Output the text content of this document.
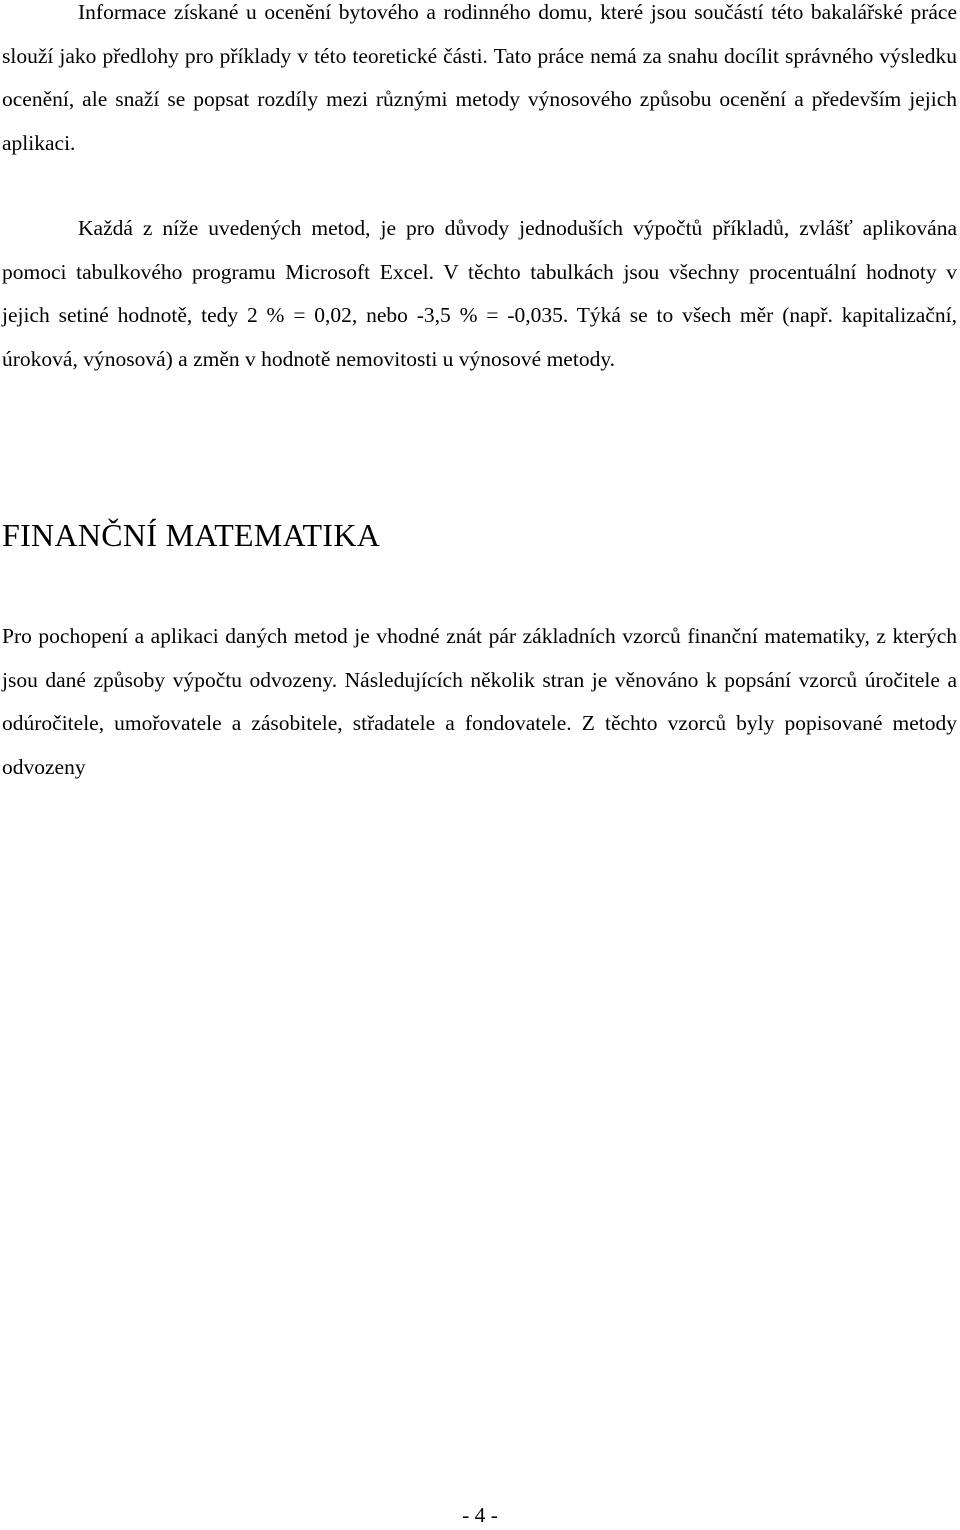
Informace získané u ocenění bytového a rodinného domu, které jsou součástí této bakalářské práce slouží jako předlohy pro příklady v této teoretické části. Tato práce nemá za snahu docílit správného výsledku ocenění, ale snaží se popsat rozdíly mezi různými metody výnosového způsobu ocenění a především jejich aplikaci.

Každá z níže uvedených metod, je pro důvody jednoduších výpočtů příkladů, zvlášť aplikována pomoci tabulkového programu Microsoft Excel. V těchto tabulkách jsou všechny procentuální hodnoty v jejich setiné hodnotě, tedy 2 % = 0,02, nebo -3,5 % = -0,035. Týká se to všech měr (např. kapitalizační, úroková, výnosová) a změn v hodnotě nemovitosti u výnosové metody.

FINANČNÍ MATEMATIKA

Pro pochopení a aplikaci daných metod je vhodné znát pár základních vzorců finanční matematiky, z kterých jsou dané způsoby výpočtu odvozeny. Následujících několik stran je věnováno k popsání vzorců úročitele a odúročitele, umořovatele a zásobitele, střadatele a fondovatele. Z těchto vzorců byly popisované metody odvozeny

- 4 -
